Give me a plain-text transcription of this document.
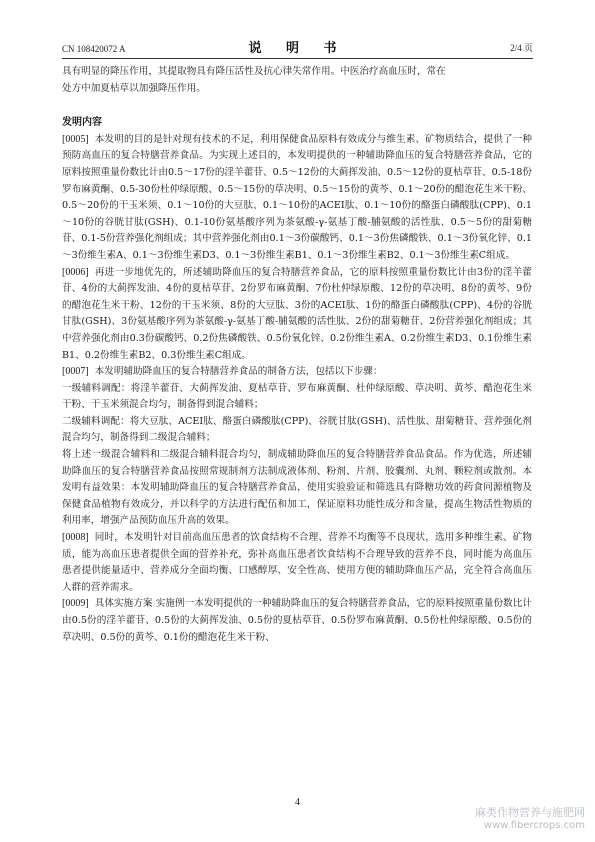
CN 108420072 A	说 明 书	2/4 页

具有明显的降压作用，其提取物具有降压活性及抗心律失常作用。中医治疗高血压时，常在

处方中加夏枯草以加强降压作用。

发明内容

[0005] 本发明的目的是针对现有技术的不足，利用保健食品原料有效成分与维生素、矿物质结合，提供了一种预防高血压的复合特膳营养食品。为实现上述目的，本发明提供的一种辅助降血压的复合特膳营养食品，它的原料按照重量份数比计由0.5～17份的淫羊藿苷、0.5～12份的大蓟挥发油、0.5～12份的夏枯草苷、0.5-18份罗布麻黄酮、0.5-30份杜仲绿原酸、0.5～15份的草决明、0.5～15份的黄芩、0.1～20份的醋泡花生米干粉、0.5～20份的干玉米须、0.1～10份的大豆肽、0.1～10份的ACEI肽、0.1～10份的酪蛋白磷酸肽(CPP)、0.1～10份的谷胱甘肽(GSH)、0.1-10份氨基酸序列为茶氨酸-γ-氨基丁酸-脯氨酸的活性肽、0.5～5份的甜菊糖苷、0.1-5份营养强化剂组成；其中营养强化剂由0.1～3份碳酸钙、0.1～3份焦磷酸铁、0.1～3份氧化锌、0.1～3份维生素A、0.1～3份维生素D3、0.1～3份维生素B1、0.1～3份维生素B2、0.1～3份维生素C组成。

[0006] 再进一步地优先的，所述辅助降血压的复合特膳营养食品，它的原料按照重量份数比计由3份的淫羊藿苷、4份的大蓟挥发油、4份的夏枯草苷、2份罗布麻黄酮、7份杜仲绿原酸、12份的草决明、8份的黄芩、9份的醋泡花生米干粉、12份的干玉米须、8份的大豆肽、3份的ACEI肽、1份的酪蛋白磷酸肽(CPP)、4份的谷胱甘肽(GSH)、3份氨基酸序列为茶氨酸-γ-氨基丁酸-脯氨酸的活性肽、2份的甜菊糖苷、2份营养强化剂组成；其中营养强化剂由0.3份碳酸钙、0.2份焦磷酸铁、0.5份氧化锌、0.2份维生素A、0.2份维生素D3、0.1份维生素B1、0.2份维生素B2、0.3份维生素C组成。

[0007] 本发明辅助降血压的复合特膳营养食品的制备方法，包括以下步骤：

一级辅料调配：将淫羊藿苷、大蓟挥发油、夏枯草苷、罗布麻黄酮、杜仲绿原酸、草决明、黄芩、醋泡花生米干粉、干玉米须混合均匀，制备得到混合辅料；

二级辅料调配：将大豆肽、ACEI肽、酪蛋白磷酸肽(CPP)、谷胱甘肽(GSH)、活性肽、甜菊糖苷、营养强化剂混合均匀，制备得到二级混合辅料；

将上述一级混合辅料和二级混合辅料混合均匀，制成辅助降血压的复合特膳营养食品食品。作为优选，所述辅助降血压的复合特膳营养食品按照常规制剂方法制成液体剂、粉剂、片剂、胶囊剂、丸剂、颗粒剂或散剂。本发明有益效果：本发明辅助降血压的复合特膳营养食品，使用实验验证和筛选具有降糖功效的药食同源植物及保健食品植物有效成分，并以科学的方法进行配伍和加工，保证原料功能性成分和含量，提高生物活性物质的利用率，增强产品预防血压升高的效果。

[0008] 同时，本发明针对目前高血压患者的饮食结构不合理、营养不均衡等不良现状，选用多种维生素、矿物质，能为高血压患者提供全面的营养补充，弥补高血压患者饮食结构不合理导致的营养不良，同时能为高血压患者提供能量适中、营养成分全面均衡、口感醇厚、安全性高、使用方便的辅助降血压产品，完全符合高血压人群的营养需求。

[0009] 具体实施方案 实施例一本发明提供的一种辅助降血压的复合特膳营养食品，它的原料按照重量份数比计由0.5份的淫羊藿苷、0.5份的大蓟挥发油、0.5份的夏枯草苷、0.5份罗布麻黄酮、0.5份杜仲绿原酸、0.5份的草决明、0.5份的黄芩、0.1份的醋泡花生米干粉、

4
麻类作物营养与施肥网
www.fibercrops.com
